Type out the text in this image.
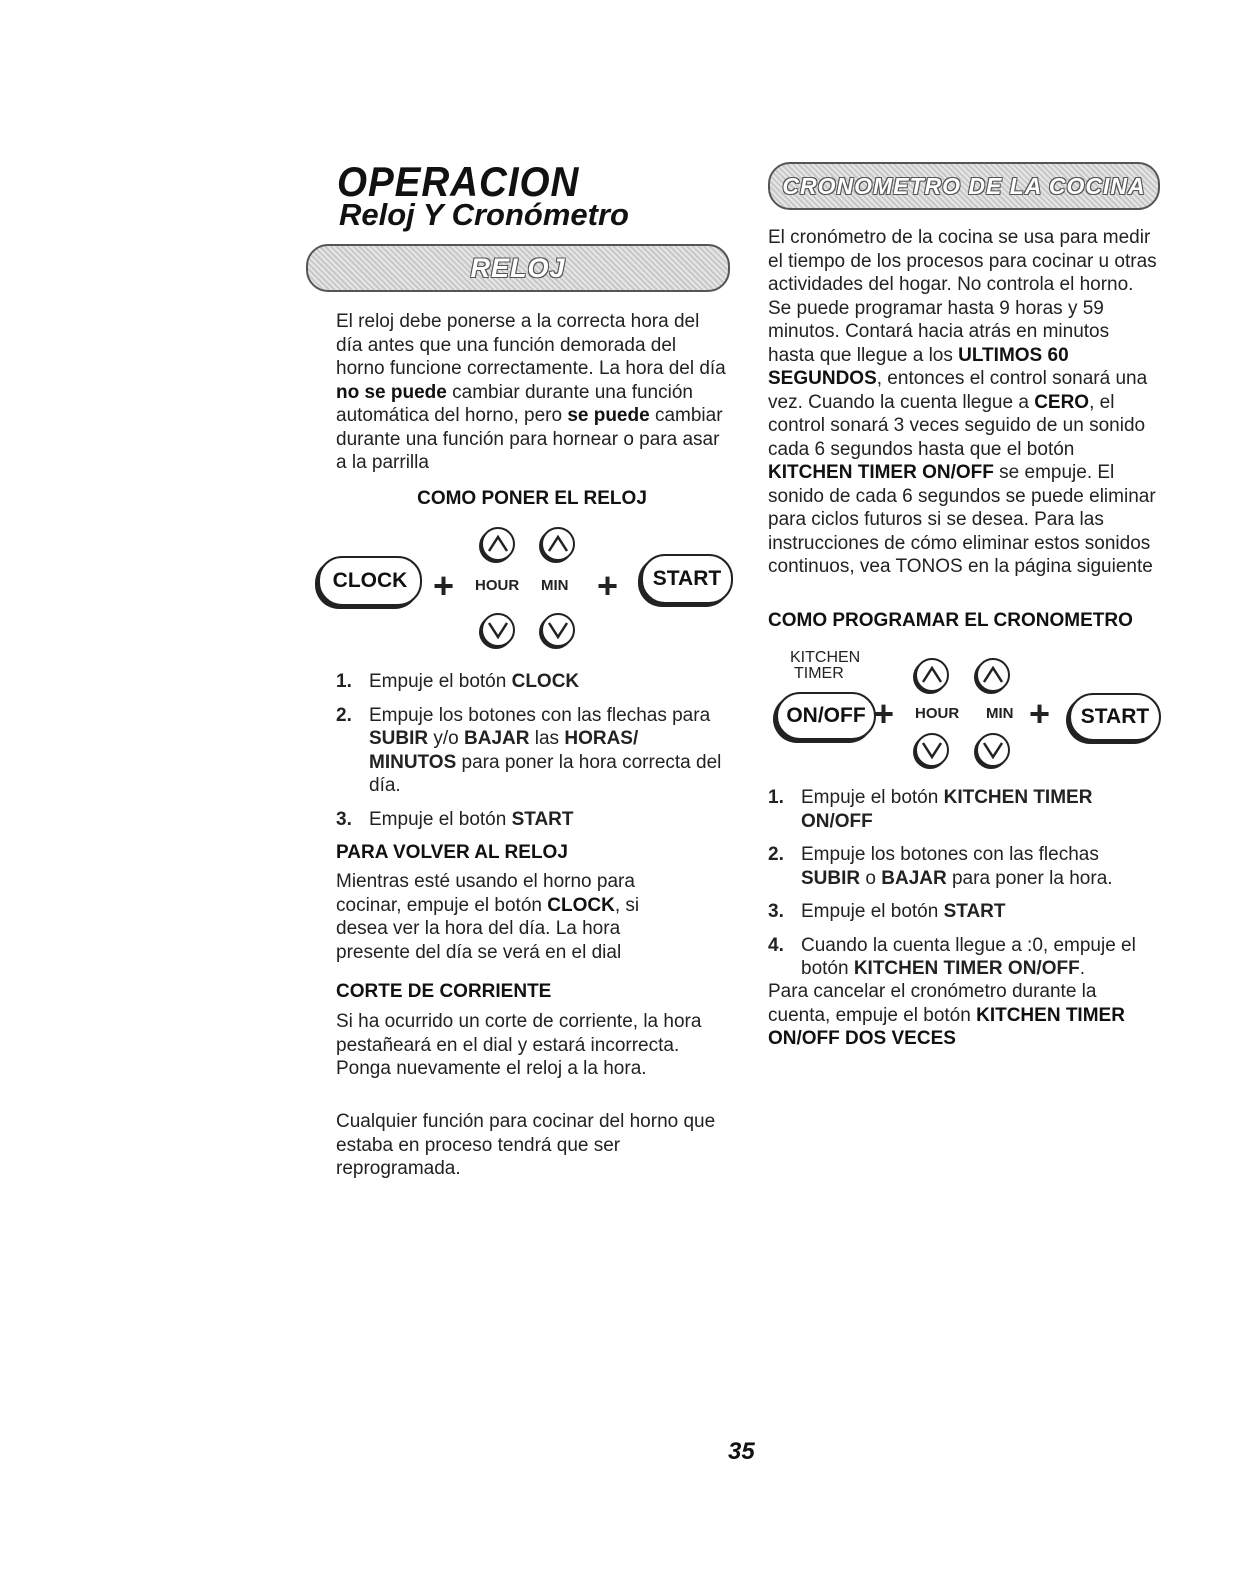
OPERACION
Reloj Y Cronómetro
RELOJ
El reloj debe ponerse a la correcta hora del día antes que una función demorada del horno funcione correctamente. La hora del día no se puede cambiar durante una función automática del horno, pero se puede cambiar durante una función para hornear o para asar a la parrilla
COMO PONER EL RELOJ
CLOCK + HOUR MIN +	START
1. Empuje el botón CLOCK
2. Empuje los botones con las flechas para SUBIR y/o BAJAR las HORAS/ MINUTOS para poner la hora correcta del día.
3. Empuje el botón START
PARA VOLVER AL RELOJ
Mientras esté usando el horno para cocinar, empuje el botón CLOCK, si desea ver la hora del día. La hora presente del día se verá en el dial
CORTE DE CORRIENTE
Si ha ocurrido un corte de corriente, la hora pestañeará en el dial y estará incorrecta. Ponga nuevamente el reloj a la hora.
Cualquier función para cocinar del horno que estaba en proceso tendrá que ser reprogramada.
CRONOMETRO DE LA COCINA
El cronómetro de la cocina se usa para medir el tiempo de los procesos para cocinar u otras actividades del hogar. No controla el horno. Se puede programar hasta 9 horas y 59 minutos. Contará hacia atrás en minutos hasta que llegue a los ULTIMOS 60 SEGUNDOS, entonces el control sonará una vez. Cuando la cuenta llegue a CERO, el control sonará 3 veces seguido de un sonido cada 6 segundos hasta que el botón KITCHEN TIMER ON/OFF se empuje. El sonido de cada 6 segundos se puede eliminar para ciclos futuros si se desea. Para las instrucciones de cómo eliminar estos sonidos continuos, vea TONOS en la página siguiente
COMO PROGRAMAR EL CRONOMETRO
KITCHEN
TIMER
ON/OFF + HOUR MIN +	START
1. Empuje el botón KITCHEN TIMER ON/OFF
2. Empuje los botones con las flechas SUBIR o BAJAR para poner la hora.
3. Empuje el botón START
4. Cuando la cuenta llegue a :0, empuje el botón KITCHEN TIMER ON/OFF.
Para cancelar el cronómetro durante la cuenta, empuje el botón KITCHEN TIMER ON/OFF DOS VECES
35
